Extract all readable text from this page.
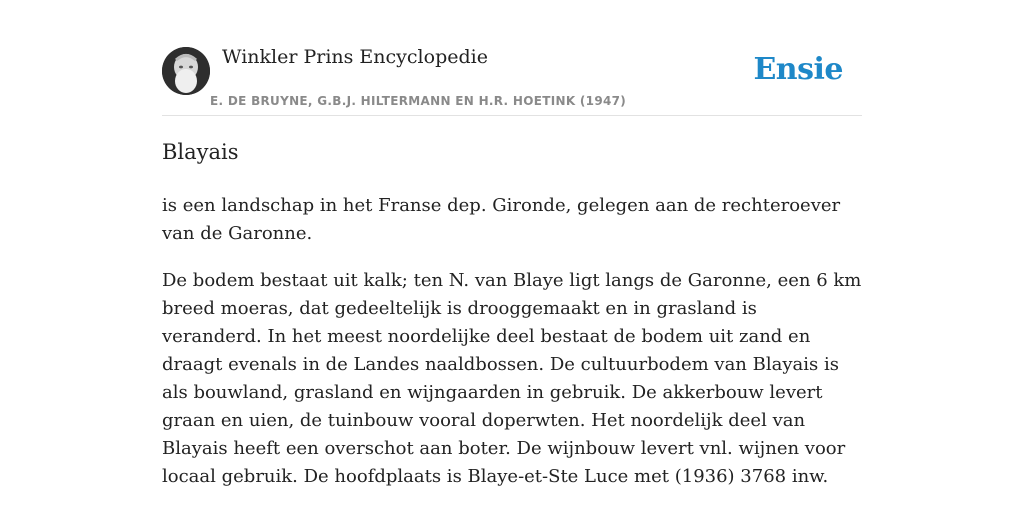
Winkler Prins Encyclopedie
E. DE BRUYNE, G.B.J. HILTERMANN EN H.R. HOETINK (1947)
Ensie
Blayais

is een landschap in het Franse dep. Gironde, gelegen aan de rechteroever van de Garonne.

De bodem bestaat uit kalk; ten N. van Blaye ligt langs de Garonne, een 6 km breed moeras, dat gedeeltelijk is drooggemaakt en in grasland is veranderd. In het meest noordelijke deel bestaat de bodem uit zand en draagt evenals in de Landes naaldbossen. De cultuurbodem van Blayais is als bouwland, grasland en wijngaarden in gebruik. De akkerbouw levert graan en uien, de tuinbouw vooral doperwten. Het noordelijk deel van Blayais heeft een overschot aan boter. De wijnbouw levert vnl. wijnen voor locaal gebruik. De hoofdplaats is Blaye-et-Ste Luce met (1936) 3768 inw.
